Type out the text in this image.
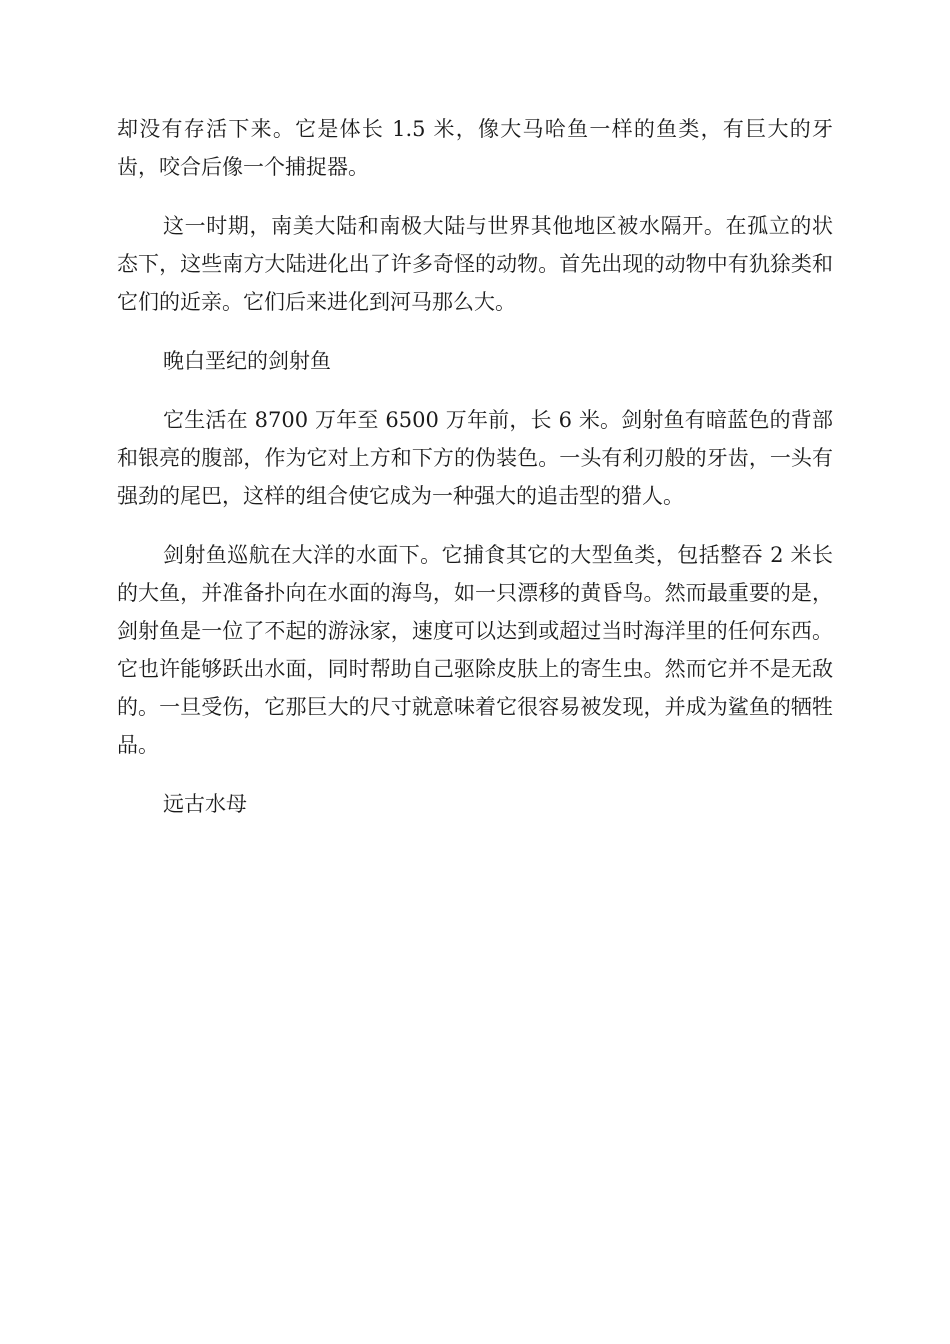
却没有存活下来。它是体长 1.5 米，像大马哈鱼一样的鱼类，有巨大的牙齿，咬合后像一个捕捉器。

这一时期，南美大陆和南极大陆与世界其他地区被水隔开。在孤立的状态下，这些南方大陆进化出了许多奇怪的动物。首先出现的动物中有犰狳类和它们的近亲。它们后来进化到河马那么大。

晚白垩纪的剑射鱼

它生活在 8700 万年至 6500 万年前，长 6 米。剑射鱼有暗蓝色的背部和银亮的腹部，作为它对上方和下方的伪装色。一头有利刃般的牙齿，一头有强劲的尾巴，这样的组合使它成为一种强大的追击型的猎人。

剑射鱼巡航在大洋的水面下。它捕食其它的大型鱼类，包括整吞 2 米长的大鱼，并准备扑向在水面的海鸟，如一只漂移的黄昏鸟。然而最重要的是，剑射鱼是一位了不起的游泳家，速度可以达到或超过当时海洋里的任何东西。它也许能够跃出水面，同时帮助自己驱除皮肤上的寄生虫。然而它并不是无敌的。一旦受伤，它那巨大的尺寸就意味着它很容易被发现，并成为鲨鱼的牺牲品。

远古水母
